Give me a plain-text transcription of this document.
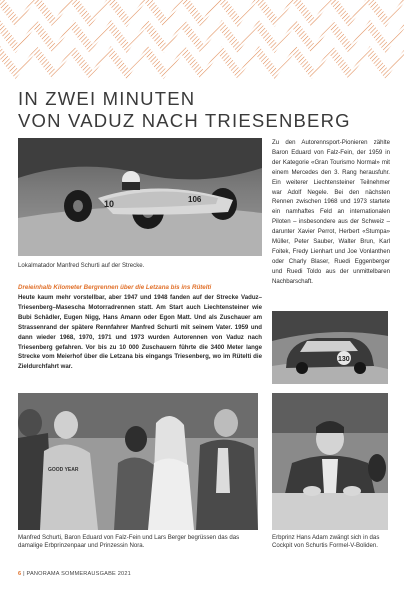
IN ZWEI MINUTEN
VON VADUZ NACH TRIESENBERG
10	106
Lokalmatador Manfred Schurti auf der Strecke.
Dreieinhalb Kilometer Bergrennen über die Letzana bis ins Rütelti
Heute kaum mehr vorstellbar, aber 1947 und 1948 fanden auf der Strecke Vaduz–Triesenberg–Masescha Motorradrennen statt. Am Start auch Liechtensteiner wie Bubi Schädler, Eugen Nigg, Hans Amann oder Egon Matt. Und als Zuschauer am Strassenrand der spätere Rennfahrer Manfred Schurti mit seinem Vater. 1959 und dann wieder 1968, 1970, 1971 und 1973 wurden Autorennen von Vaduz nach Triesenberg gefahren. Vor bis zu 10 000 Zuschauern führte die 3400 Meter lange Strecke vom Meierhof über die Letzana bis eingangs Triesenberg, wo im Rütelti die Zieldurchfahrt war.
Zu den Autorennsport-Pionieren zählte Baron Eduard von Falz-Fein, der 1959 in der Kategorie «Gran Tourismo Normal» mit einem Mercedes den 3. Rang herausfuhr. Ein weiterer Liechtensteiner Teilnehmer war Adolf Negele. Bei den nächsten Rennen zwischen 1968 und 1973 startete ein namhaftes Feld an internationalen Piloten – insbesondere aus der Schweiz – darunter Xavier Perrot, Herbert «Stumpa» Müller, Peter Sauber, Walter Brun, Karl Foitek, Fredy Lienhart und Joe Vonlanthen oder Charly Blaser, Ruedi Eggenberger und Ruedi Toldo aus der unmittelbaren Nachbarschaft.
130
GOOD YEAR
Manfred Schurti, Baron Eduard von Falz-Fein und Lars Berger begrüssen das das damalige Erbprinzenpaar und Prinzessin Nora.
Erbprinz Hans Adam zwängt sich in das Cockpit von Schurtis Formel-V-Boliden.
6 | PANORAMA SOMMERAUSGABE 2021
